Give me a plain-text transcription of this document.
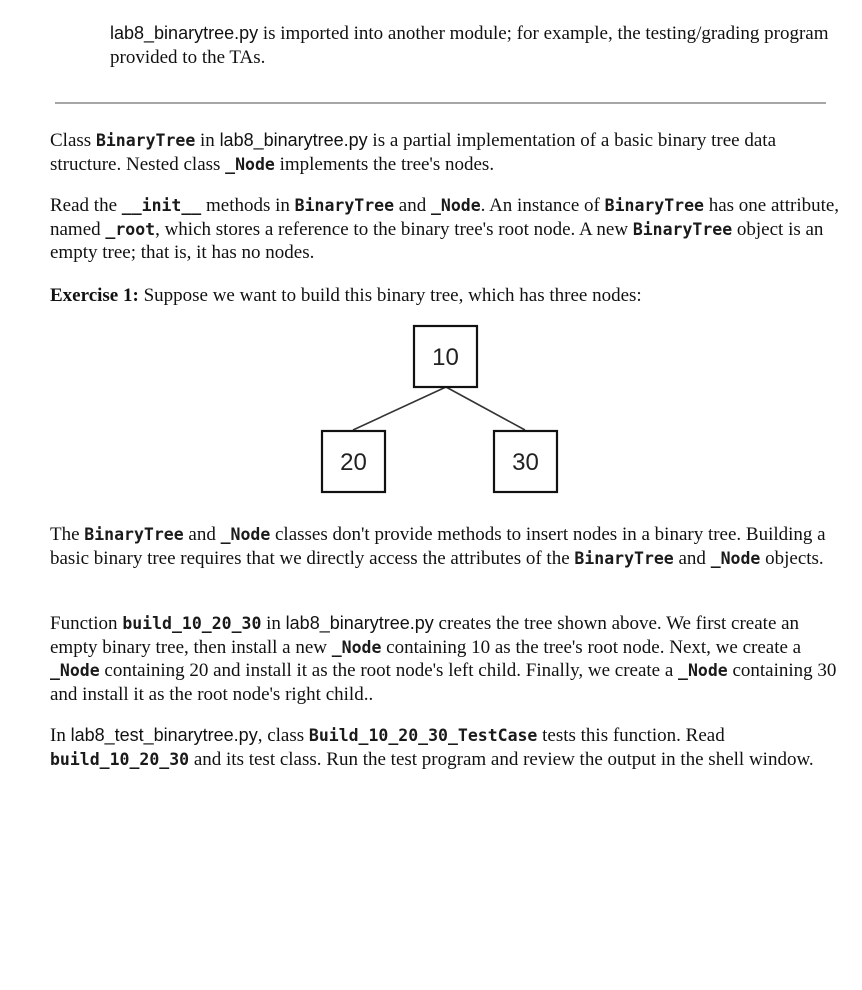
lab8_binarytree.py is imported into another module; for example, the testing/grading program provided to the TAs.

Class BinaryTree in lab8_binarytree.py is a partial implementation of a basic binary tree data structure. Nested class _Node implements the tree's nodes.

Read the __init__ methods in BinaryTree and _Node. An instance of BinaryTree has one attribute, named _root, which stores a reference to the binary tree's root node. A new BinaryTree object is an empty tree; that is, it has no nodes.

Exercise 1: Suppose we want to build this binary tree, which has three nodes:

10
20	30

The BinaryTree and _Node classes don't provide methods to insert nodes in a binary tree. Building a basic binary tree requires that we directly access the attributes of the BinaryTree and _Node objects.

Function build_10_20_30 in lab8_binarytree.py creates the tree shown above. We first create an empty binary tree, then install a new _Node containing 10 as the tree's root node. Next, we create a _Node containing 20 and install it as the root node's left child. Finally, we create a _Node containing 30 and install it as the root node's right child..

In lab8_test_binarytree.py, class Build_10_20_30_TestCase tests this function. Read build_10_20_30 and its test class. Run the test program and review the output in the shell window.
